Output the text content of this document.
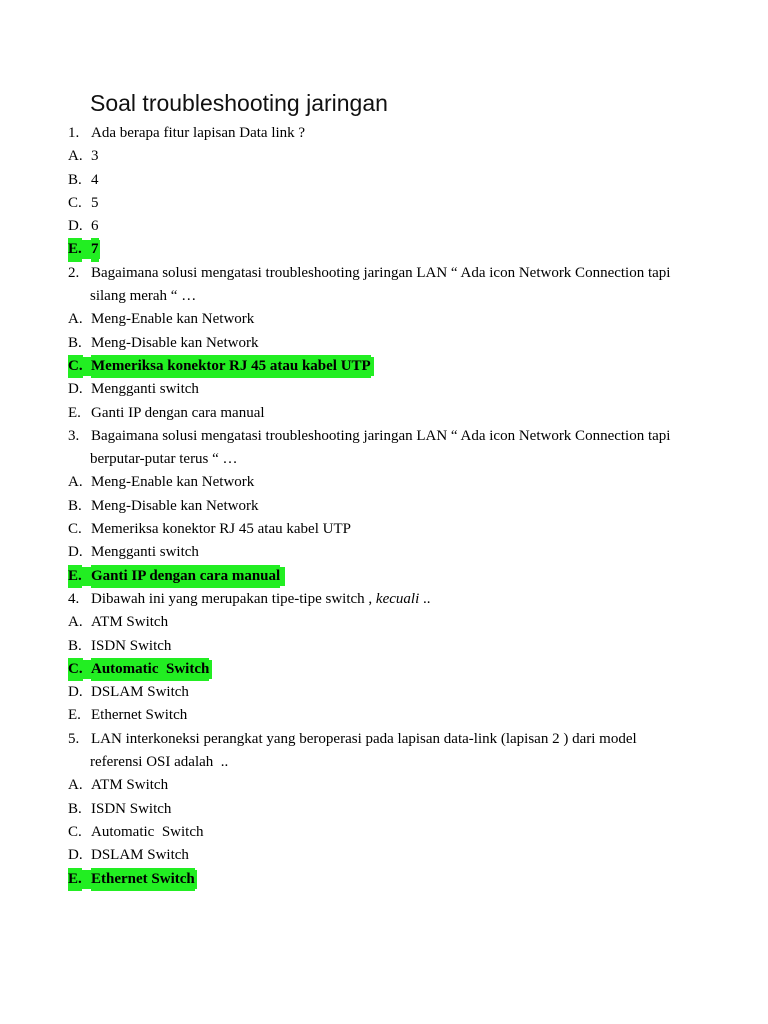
Soal troubleshooting jaringan
1. Ada berapa fitur lapisan Data link ?
A. 3
B. 4
C. 5
D. 6
E. 7
2. Bagaimana solusi mengatasi troubleshooting jaringan LAN “ Ada icon Network Connection tapi
silang merah “ …
A. Meng-Enable kan Network
B. Meng-Disable kan Network
C. Memeriksa konektor RJ 45 atau kabel UTP
D. Mengganti switch
E. Ganti IP dengan cara manual
3. Bagaimana solusi mengatasi troubleshooting jaringan LAN “ Ada icon Network Connection tapi
berputar-putar terus “ …
A. Meng-Enable kan Network
B. Meng-Disable kan Network
C. Memeriksa konektor RJ 45 atau kabel UTP
D. Mengganti switch
E. Ganti IP dengan cara manual
4. Dibawah ini yang merupakan tipe-tipe switch , kecuali ..
A. ATM Switch
B. ISDN Switch
C. Automatic  Switch
D. DSLAM Switch
E. Ethernet Switch
5. LAN interkoneksi perangkat yang beroperasi pada lapisan data-link (lapisan 2 ) dari model
referensi OSI adalah  ..
A. ATM Switch
B. ISDN Switch
C. Automatic  Switch
D. DSLAM Switch
E. Ethernet Switch
